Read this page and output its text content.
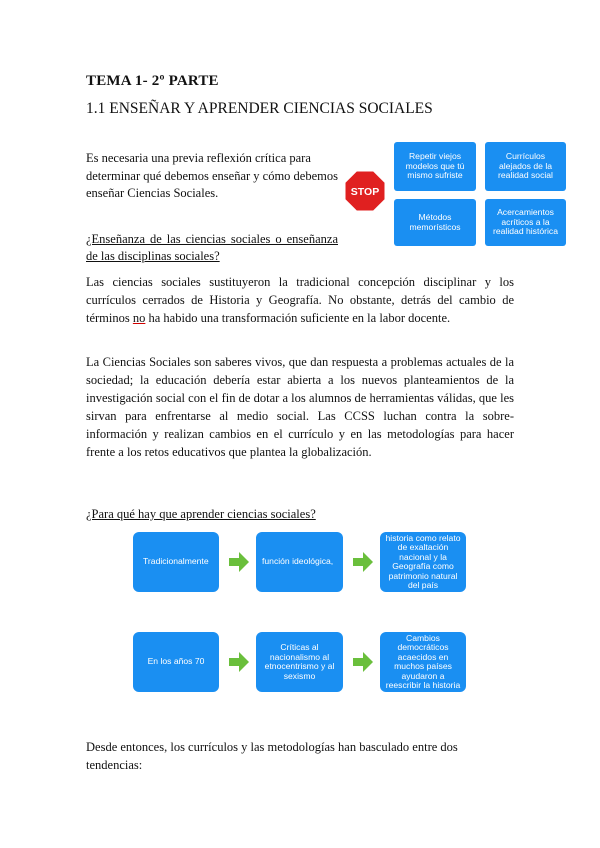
TEMA 1- 2º PARTE
1.1 ENSEÑAR Y APRENDER CIENCIAS SOCIALES
Es necesaria una previa reflexión crítica para determinar qué debemos enseñar y cómo debemos enseñar Ciencias Sociales.	STOP
Repetir viejos modelos que tú mismo sufriste
Currículos alejados de la realidad social
Métodos memorísticos
Acercamientos acríticos a la realidad histórica
¿Enseñanza de las ciencias sociales o enseñanza de las disciplinas sociales?
Las ciencias sociales sustituyeron la tradicional concepción disciplinar y los currículos cerrados de Historia y Geografía. No obstante, detrás del cambio de términos no ha habido una transformación suficiente en la labor docente.
La Ciencias Sociales son saberes vivos, que dan respuesta a problemas actuales de la sociedad; la educación debería estar abierta a los nuevos planteamientos de la investigación social con el fin de dotar a los alumnos de herramientas válidas, que les sirvan para enfrentarse al medio social. Las CCSS luchan contra la sobre-información y realizan cambios en el currículo y en las metodologías para hacer frente a los retos educativos que plantea la globalización.
¿Para qué hay que aprender ciencias sociales?
Tradicionalmente	función ideológica,
historia como relato de exaltación nacional y la Geografía como patrimonio natural del país
En los años 70
Críticas al nacionalismo al etnocentrismo y al sexismo
Cambios democráticos acaecidos en muchos países ayudaron a reescribir la historia
Desde entonces, los currículos y las metodologías han basculado entre dos tendencias:
